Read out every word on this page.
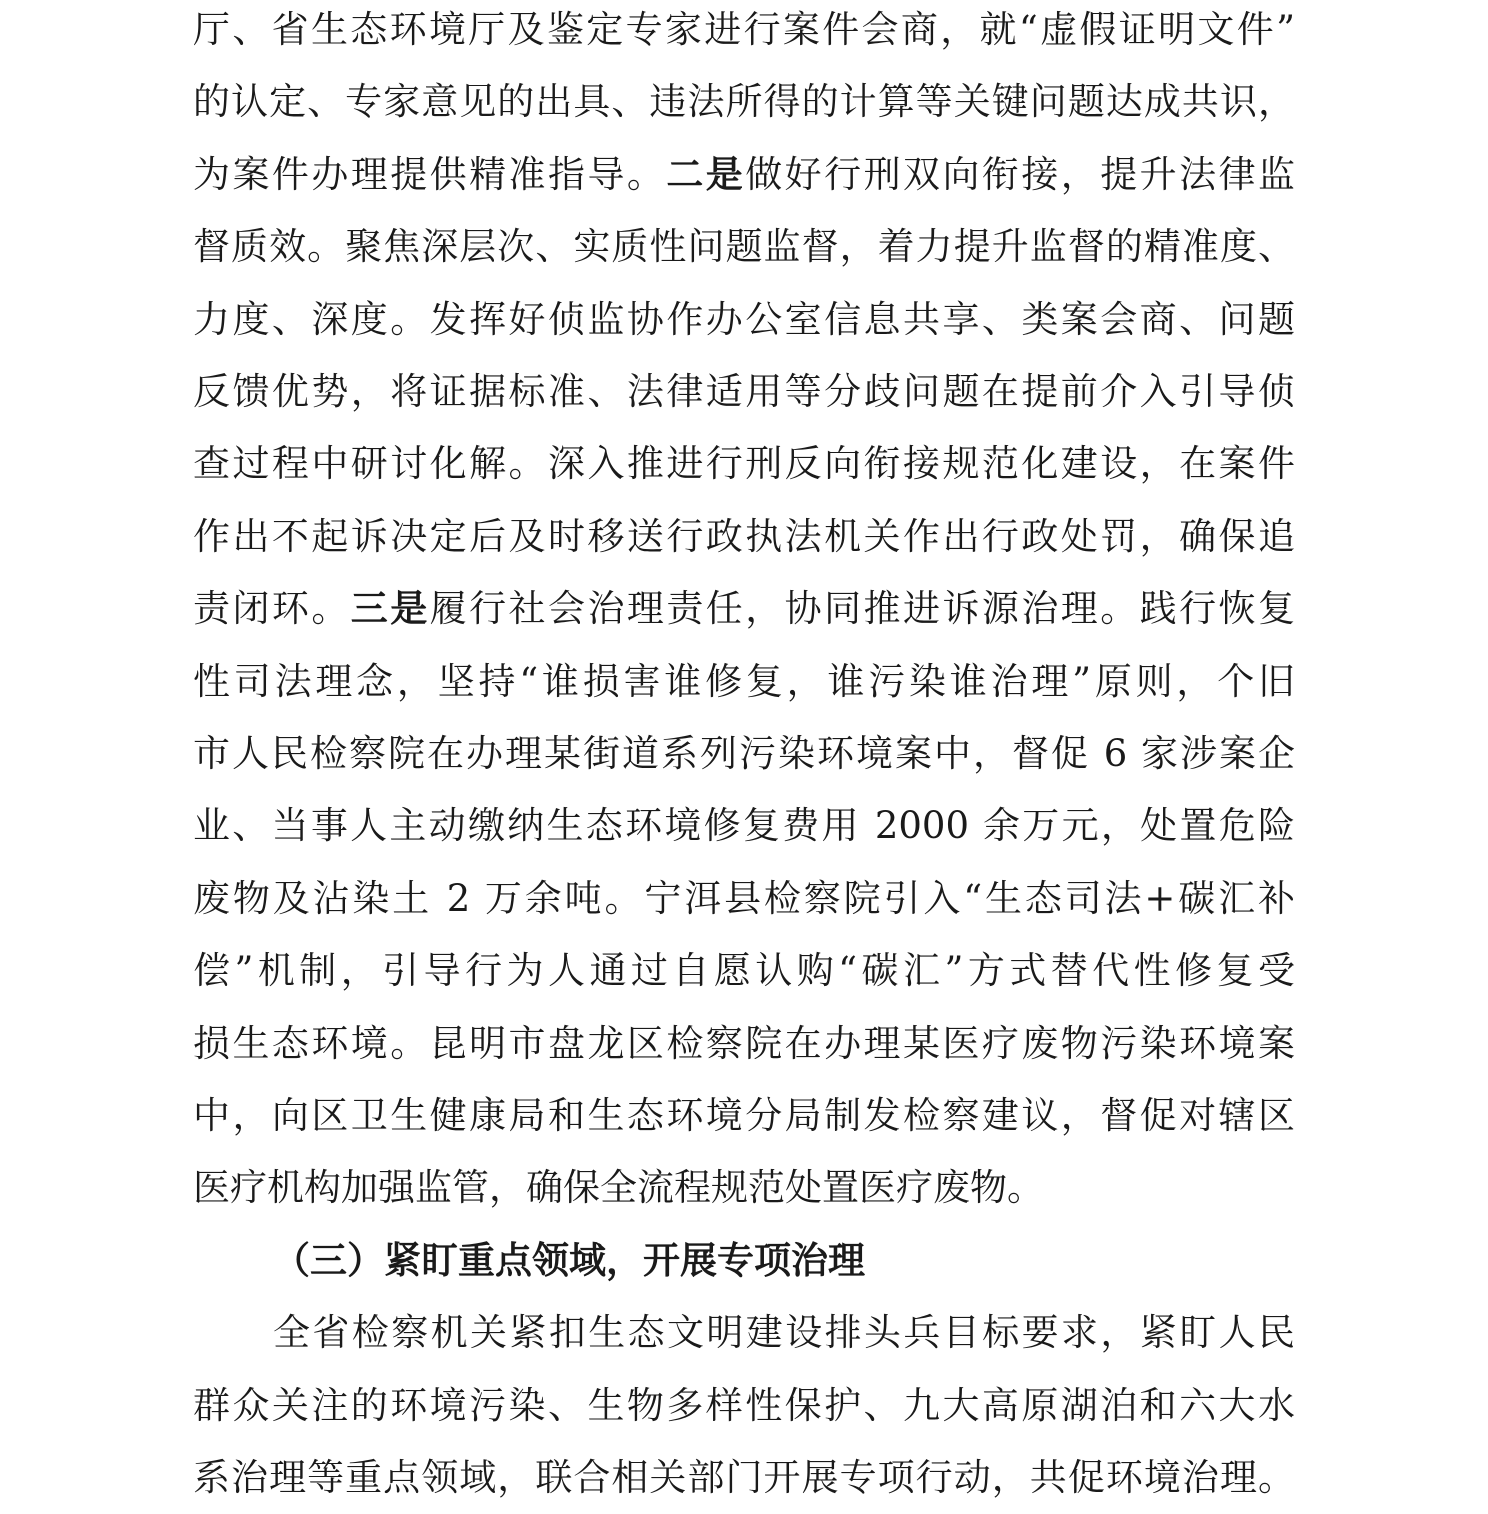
厅、省生态环境厅及鉴定专家进行案件会商，就“虚假证明文件”
的认定、专家意见的出具、违法所得的计算等关键问题达成共识，
为案件办理提供精准指导。二是做好行刑双向衔接，提升法律监
督质效。聚焦深层次、实质性问题监督，着力提升监督的精准度、
力度、深度。发挥好侦监协作办公室信息共享、类案会商、问题
反馈优势，将证据标准、法律适用等分歧问题在提前介入引导侦
查过程中研讨化解。深入推进行刑反向衔接规范化建设，在案件
作出不起诉决定后及时移送行政执法机关作出行政处罚，确保追
责闭环。三是履行社会治理责任，协同推进诉源治理。践行恢复
性司法理念，坚持“谁损害谁修复，谁污染谁治理”原则，个旧
市人民检察院在办理某街道系列污染环境案中，督促 6 家涉案企
业、当事人主动缴纳生态环境修复费用 2000 余万元，处置危险
废物及沾染土 2 万余吨。宁洱县检察院引入“生态司法+碳汇补
偿”机制，引导行为人通过自愿认购“碳汇”方式替代性修复受
损生态环境。昆明市盘龙区检察院在办理某医疗废物污染环境案
中，向区卫生健康局和生态环境分局制发检察建议，督促对辖区
医疗机构加强监管，确保全流程规范处置医疗废物。
（三）紧盯重点领域，开展专项治理
全省检察机关紧扣生态文明建设排头兵目标要求，紧盯人民
群众关注的环境污染、生物多样性保护、九大高原湖泊和六大水
系治理等重点领域，联合相关部门开展专项行动，共促环境治理。
